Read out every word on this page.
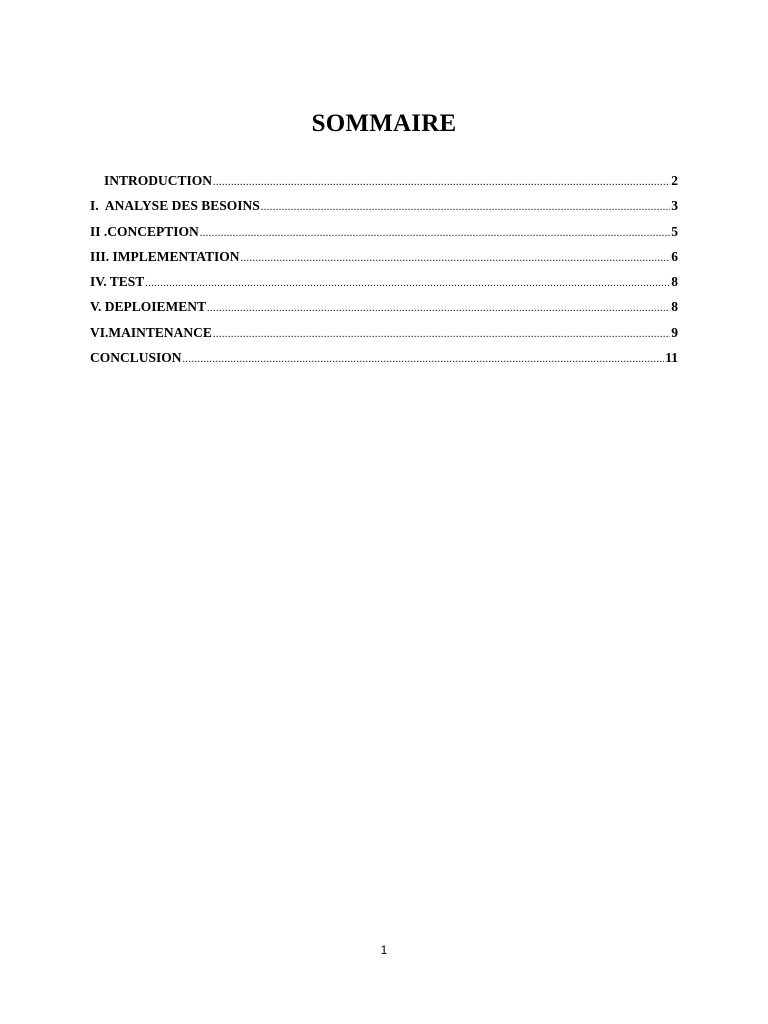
SOMMAIRE
INTRODUCTION .....	2
I. ANALYSE DES BESOINS .....	3
II .CONCEPTION .....	5
III. IMPLEMENTATION .....	6
IV. TEST .....	8
V. DEPLOIEMENT .....	8
VI.MAINTENANCE .....	9
CONCLUSION .....	11
1
